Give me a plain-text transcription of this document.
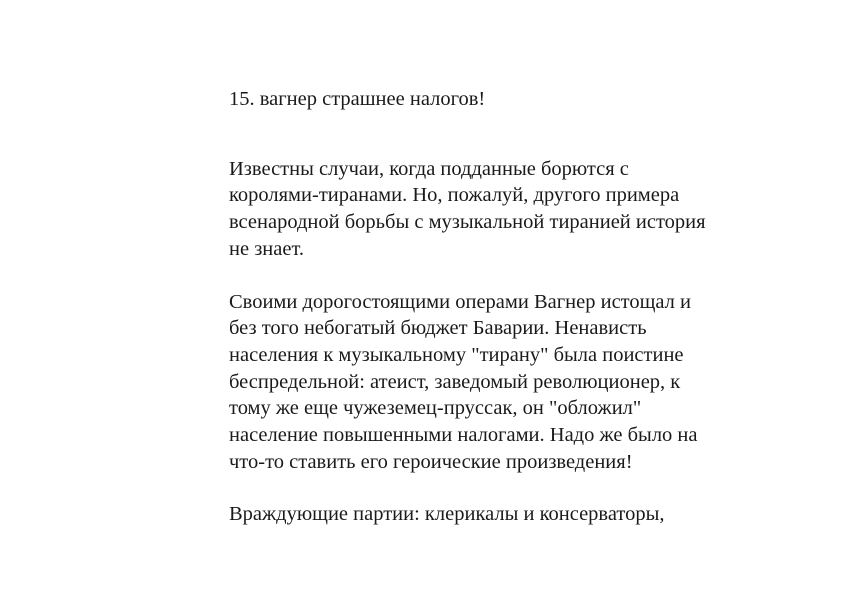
15. вагнер страшнее налогов!
Известны случаи, когда подданные борются с
королями-тиранами. Но, пожалуй, другого примера
всенародной борьбы с музыкальной тиранией история
не знает.
Своими дорогостоящими операми Вагнер истощал и
без того небогатый бюджет Баварии. Ненависть
населения к музыкальному "тирану" была поистине
беспредельной: атеист, заведомый революционер, к
тому же еще чужеземец-пруссак, он "обложил"
население повышенными налогами. Надо же было на
что-то ставить его героические произведения!
Враждующие партии: клерикалы и консерваторы,
